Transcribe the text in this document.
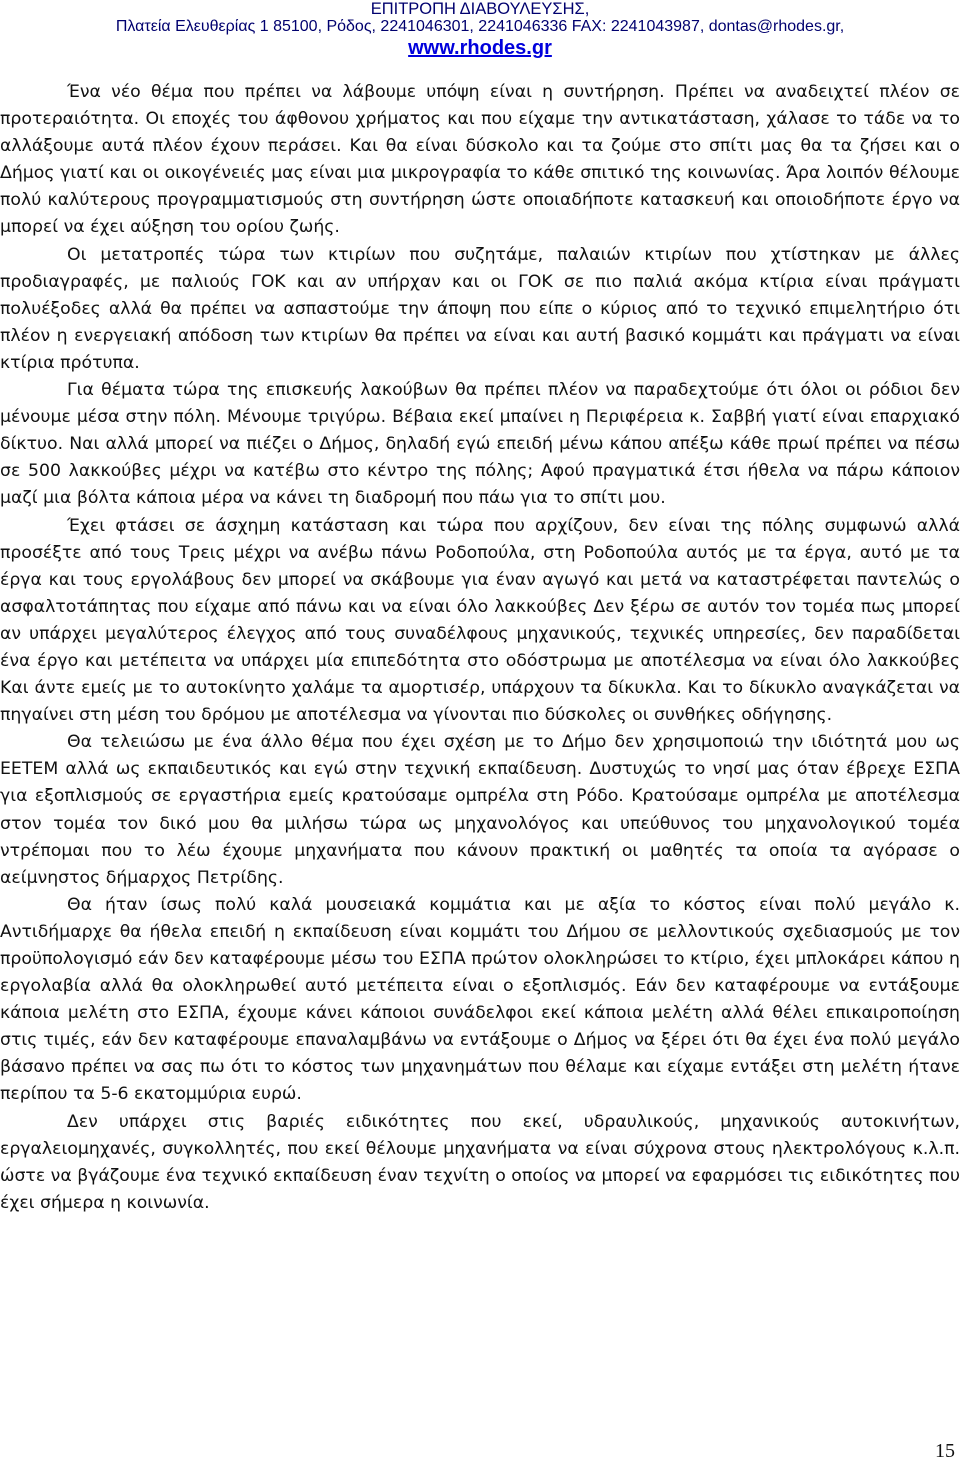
ΕΠΙΤΡΟΠΗ ΔΙΑΒΟΥΛΕΥΣΗΣ,
Πλατεία Ελευθερίας 1 85100, Ρόδος, 2241046301, 2241046336 FAX: 2241043987, dontas@rhodes.gr,
www.rhodes.gr

Ένα νέο θέμα που πρέπει να λάβουμε υπόψη είναι η συντήρηση. Πρέπει να αναδειχτεί πλέον σε προτεραιότητα. Οι εποχές του άφθονου χρήματος και που είχαμε την αντικατάσταση, χάλασε το τάδε να το αλλάξουμε αυτά πλέον έχουν περάσει. Και θα είναι δύσκολο και τα ζούμε στο σπίτι μας θα τα ζήσει και ο Δήμος γιατί και οι οικογένειές μας είναι μια μικρογραφία το κάθε σπιτικό της κοινωνίας. Άρα λοιπόν θέλουμε πολύ καλύτερους προγραμματισμούς στη συντήρηση ώστε οποιαδήποτε κατασκευή και οποιοδήποτε έργο να μπορεί να έχει αύξηση του ορίου ζωής.

Οι μετατροπές τώρα των κτιρίων που συζητάμε, παλαιών κτιρίων που χτίστηκαν με άλλες προδιαγραφές, με παλιούς ΓΟΚ και αν υπήρχαν και οι ΓΟΚ σε πιο παλιά ακόμα κτίρια είναι πράγματι πολυέξοδες αλλά θα πρέπει να ασπαστούμε την άποψη που είπε ο κύριος από το τεχνικό επιμελητήριο ότι πλέον η ενεργειακή απόδοση των κτιρίων θα πρέπει να είναι και αυτή βασικό κομμάτι και πράγματι να είναι κτίρια πρότυπα.

Για θέματα τώρα της επισκευής λακούβων θα πρέπει πλέον να παραδεχτούμε ότι όλοι οι ρόδιοι δεν μένουμε μέσα στην πόλη. Μένουμε τριγύρω. Βέβαια εκεί μπαίνει η Περιφέρεια κ. Σαββή γιατί είναι επαρχιακό δίκτυο. Ναι αλλά μπορεί να πιέζει ο Δήμος, δηλαδή εγώ επειδή μένω κάπου απέξω κάθε πρωί πρέπει να πέσω σε 500 λακκούβες μέχρι να κατέβω στο κέντρο της πόλης; Αφού πραγματικά έτσι ήθελα να πάρω κάποιον μαζί μια βόλτα κάποια μέρα να κάνει τη διαδρομή που πάω για το σπίτι μου.

Έχει φτάσει σε άσχημη κατάσταση και τώρα που αρχίζουν, δεν είναι της πόλης συμφωνώ αλλά προσέξτε από τους Τρεις μέχρι να ανέβω πάνω Ροδοπούλα, στη Ροδοπούλα αυτός με τα έργα, αυτό με τα έργα και τους εργολάβους δεν μπορεί να σκάβουμε για έναν αγωγό και μετά να καταστρέφεται παντελώς ο ασφαλτοτάπητας που είχαμε από πάνω και να είναι όλο λακκούβες Δεν ξέρω σε αυτόν τον τομέα πως μπορεί αν υπάρχει μεγαλύτερος έλεγχος από τους συναδέλφους μηχανικούς, τεχνικές υπηρεσίες, δεν παραδίδεται ένα έργο και μετέπειτα να υπάρχει μία επιπεδότητα στο οδόστρωμα με αποτέλεσμα να είναι όλο λακκούβες Και άντε εμείς με το αυτοκίνητο χαλάμε τα αμορτισέρ, υπάρχουν τα δίκυκλα. Και το δίκυκλο αναγκάζεται να πηγαίνει στη μέση του δρόμου με αποτέλεσμα να γίνονται πιο δύσκολες οι συνθήκες οδήγησης.

Θα τελειώσω με ένα άλλο θέμα που έχει σχέση με το Δήμο δεν χρησιμοποιώ την ιδιότητά μου ως ΕΕΤΕΜ αλλά ως εκπαιδευτικός και εγώ στην τεχνική εκπαίδευση. Δυστυχώς το νησί μας όταν έβρεχε ΕΣΠΑ για εξοπλισμούς σε εργαστήρια εμείς κρατούσαμε ομπρέλα στη Ρόδο. Κρατούσαμε ομπρέλα με αποτέλεσμα στον τομέα τον δικό μου θα μιλήσω τώρα ως μηχανολόγος και υπεύθυνος του μηχανολογικού τομέα ντρέπομαι που το λέω έχουμε μηχανήματα που κάνουν πρακτική οι μαθητές τα οποία τα αγόρασε ο αείμνηστος δήμαρχος Πετρίδης.

Θα ήταν ίσως πολύ καλά μουσειακά κομμάτια και με αξία το κόστος είναι πολύ μεγάλο κ. Αντιδήμαρχε θα ήθελα επειδή η εκπαίδευση είναι κομμάτι του Δήμου σε μελλοντικούς σχεδιασμούς με τον προϋπολογισμό εάν δεν καταφέρουμε μέσω του ΕΣΠΑ πρώτον ολοκληρώσει το κτίριο, έχει μπλοκάρει κάπου η εργολαβία αλλά θα ολοκληρωθεί αυτό μετέπειτα είναι ο εξοπλισμός. Εάν δεν καταφέρουμε να εντάξουμε κάποια μελέτη στο ΕΣΠΑ, έχουμε κάνει κάποιοι συνάδελφοι εκεί κάποια μελέτη αλλά θέλει επικαιροποίηση στις τιμές, εάν δεν καταφέρουμε επαναλαμβάνω να εντάξουμε ο Δήμος να ξέρει ότι θα έχει ένα πολύ μεγάλο βάσανο πρέπει να σας πω ότι το κόστος των μηχανημάτων που θέλαμε και είχαμε εντάξει στη μελέτη ήτανε περίπου τα 5-6 εκατομμύρια ευρώ.

Δεν υπάρχει στις βαριές ειδικότητες που εκεί, υδραυλικούς, μηχανικούς αυτοκινήτων, εργαλειομηχανές, συγκολλητές, που εκεί θέλουμε μηχανήματα να είναι σύχρονα στους ηλεκτρολόγους κ.λ.π. ώστε να βγάζουμε ένα τεχνικό εκπαίδευση έναν τεχνίτη ο οποίος να μπορεί να εφαρμόσει τις ειδικότητες που έχει σήμερα η κοινωνία.

15
